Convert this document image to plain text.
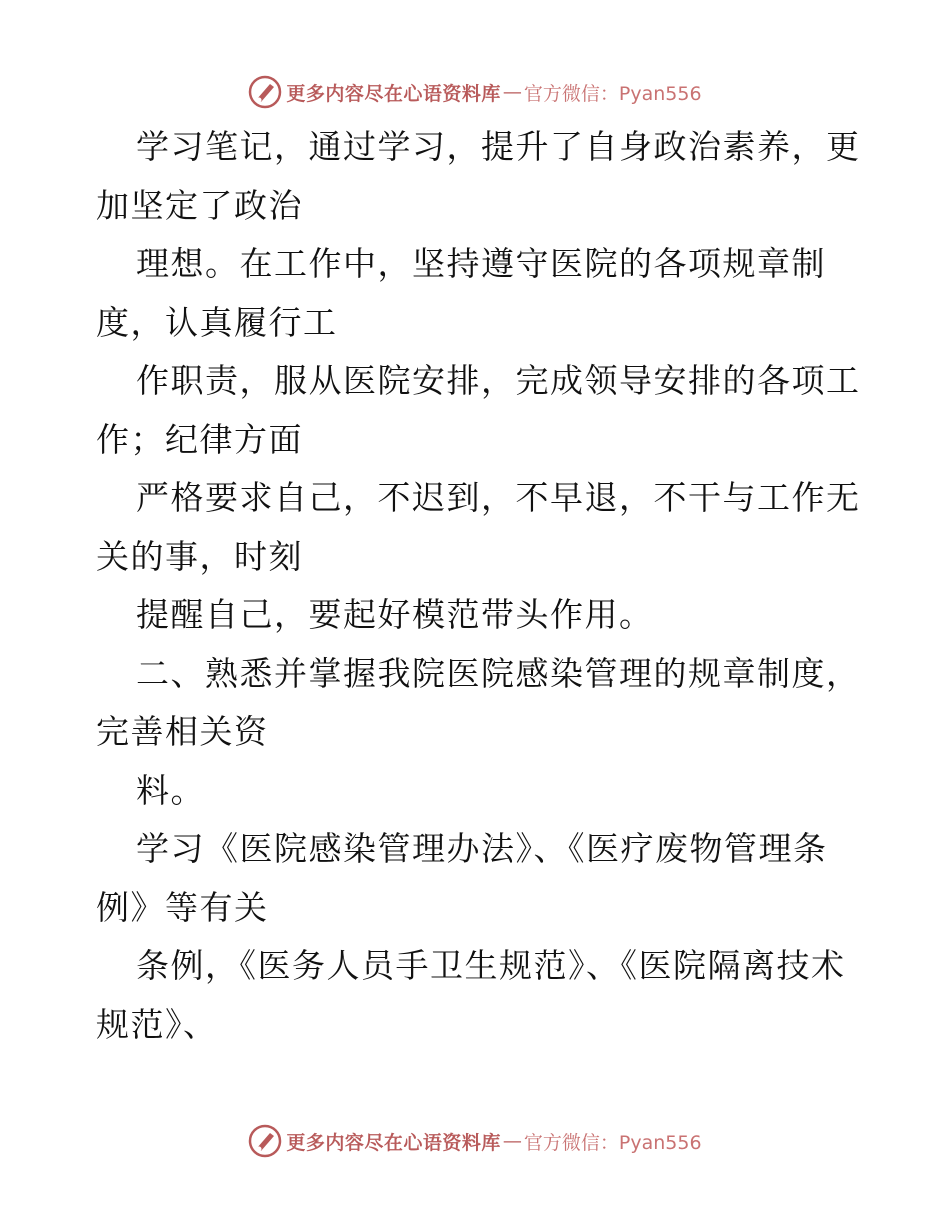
更多内容尽在心语资料库 — 官方微信：Pyan556

学习笔记，通过学习，提升了自身政治素养，更加坚定了政治

理想。在工作中，坚持遵守医院的各项规章制度，认真履行工

作职责，服从医院安排，完成领导安排的各项工作；纪律方面

严格要求自己，不迟到，不早退，不干与工作无关的事，时刻

提醒自己，要起好模范带头作用。

二、熟悉并掌握我院医院感染管理的规章制度，完善相关资

料。

学习《医院感染管理办法》、《医疗废物管理条例》等有关

条例，《医务人员手卫生规范》、《医院隔离技术规范》、

更多内容尽在心语资料库 — 官方微信：Pyan556
